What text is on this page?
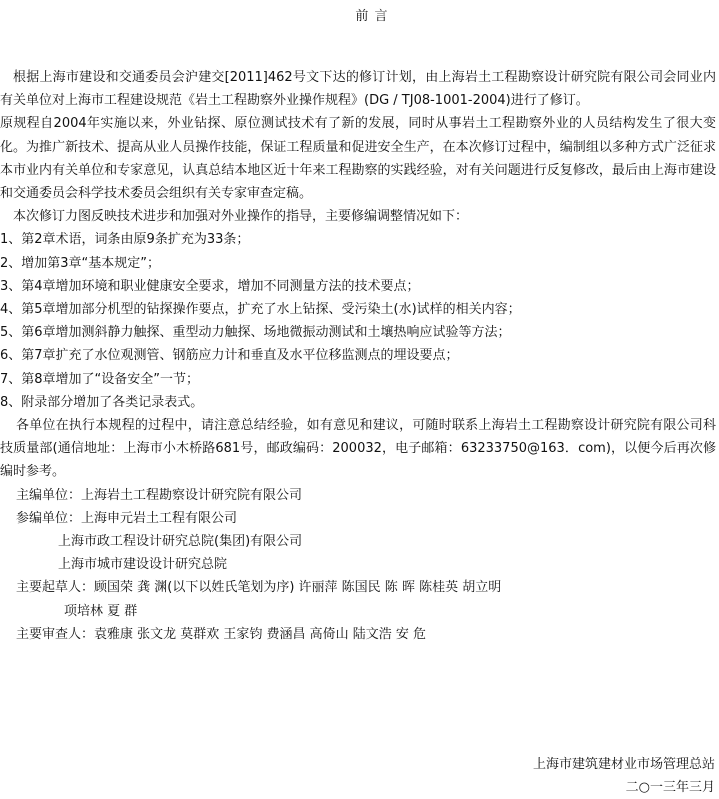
前 言

根据上海市建设和交通委员会沪建交[2011]462号文下达的修订计划，由上海岩土工程勘察设计研究院有限公司会同业内有关单位对上海市工程建设规范《岩土工程勘察外业操作规程》(DG / TJ08-1001-2004)进行了修订。

原规程自2004年实施以来，外业钻探、原位测试技术有了新的发展，同时从事岩土工程勘察外业的人员结构发生了很大变化。为推广新技术、提高从业人员操作技能，保证工程质量和促进安全生产，在本次修订过程中，编制组以多种方式广泛征求本市业内有关单位和专家意见，认真总结本地区近十年来工程勘察的实践经验，对有关问题进行反复修改，最后由上海市建设和交通委员会科学技术委员会组织有关专家审查定稿。

本次修订力图反映技术进步和加强对外业操作的指导，主要修编调整情况如下：

1、第2章术语，词条由原9条扩充为33条；

2、增加第3章“基本规定”；

3、第4章增加环境和职业健康安全要求，增加不同测量方法的技术要点；

4、第5章增加部分机型的钻探操作要点，扩充了水上钻探、受污染土(水)试样的相关内容；

5、第6章增加测斜静力触探、重型动力触探、场地微振动测试和土壤热响应试验等方法；

6、第7章扩充了水位观测管、钢筋应力计和垂直及水平位移监测点的埋设要点；

7、第8章增加了“设备安全”一节；

8、附录部分增加了各类记录表式。

各单位在执行本规程的过程中，请注意总结经验，如有意见和建议，可随时联系上海岩土工程勘察设计研究院有限公司科技质量部(通信地址：上海市小木桥路681号，邮政编码：200032，电子邮箱：63233750@163．com)，以便今后再次修编时参考。

主编单位：上海岩土工程勘察设计研究院有限公司

参编单位：上海申元岩土工程有限公司

上海市政工程设计研究总院(集团)有限公司

上海市城市建设设计研究总院

主要起草人：顾国荣 龚 渊(以下以姓氏笔划为序) 许丽萍 陈国民 陈 晖 陈桂英 胡立明

项培林 夏 群

主要审查人：袁雅康 张文龙 莫群欢 王家钧 费涵昌 高倚山 陆文浩 安 危

上海市建筑建材业市场管理总站
二○一三年三月
